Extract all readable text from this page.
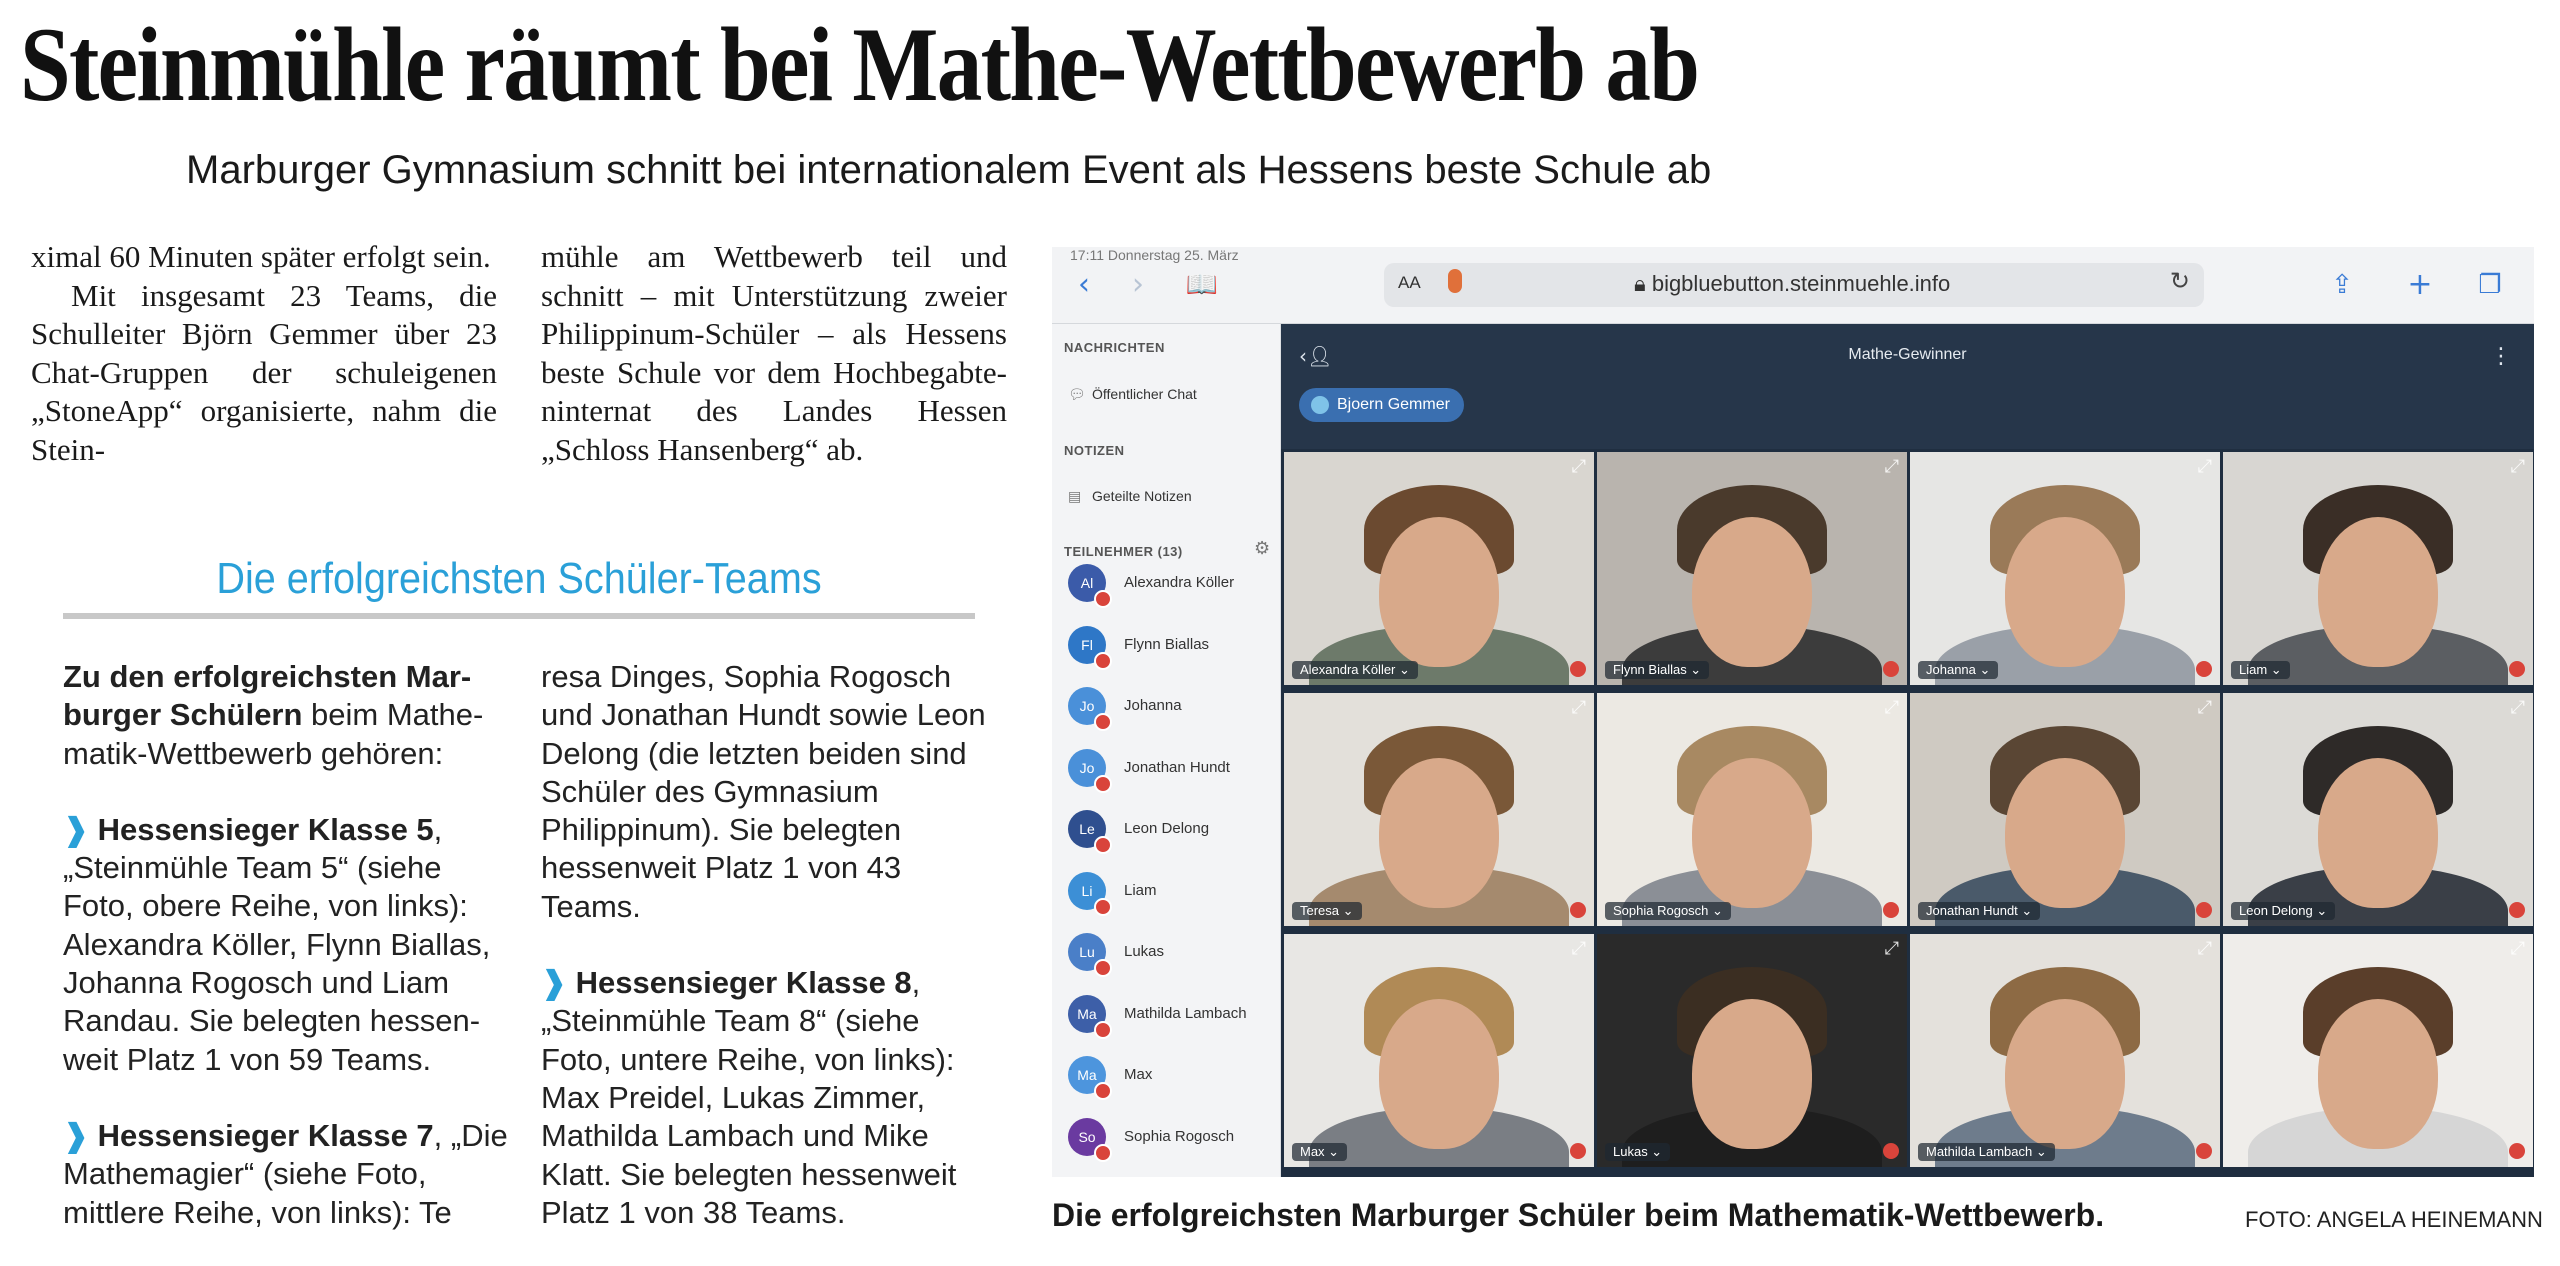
Steinmühle räumt bei Mathe-Wettbewerb ab
Marburger Gymnasium schnitt bei internationalem Event als Hessens beste Schule ab

ximal 60 Minuten später erfolgt sein.

Mit insgesamt 23 Teams, die Schulleiter Björn Gemmer über 23 Chat-Gruppen der schuleigenen „StoneApp“ organisierte, nahm die Stein-

mühle am Wettbewerb teil und schnitt – mit Unterstützung zweier Philippinum-Schüler – als Hessens beste Schule vor dem Hochbegabteninternat des Landes Hessen „Schloss Hansenberg“ ab.

Die erfolgreichsten Schüler-Teams

Zu den erfolgreichsten Marburger Schülern beim Mathematik-Wettbewerb gehören:

❱ Hessensieger Klasse 5, „Steinmühle Team 5“ (siehe Foto, obere Reihe, von links): Alexandra Köller, Flynn Biallas, Johanna Rogosch und Liam Randau. Sie belegten hessenweit Platz 1 von 59 Teams.

❱ Hessensieger Klasse 7, „Die Mathemagier“ (siehe Foto, mittlere Reihe, von links): Te

resa Dinges, Sophia Rogosch und Jonathan Hundt sowie Leon Delong (die letzten beiden sind Schüler des Gymnasium Philippinum). Sie belegten hessenweit Platz 1 von 43 Teams.

❱ Hessensieger Klasse 8, „Steinmühle Team 8“ (siehe Foto, untere Reihe, von links): Max Preidel, Lukas Zimmer, Mathilda Lambach und Mike Klatt. Sie belegten hessenweit Platz 1 von 38 Teams.

17:11 Donnerstag 25. März
‹	›	📖	AA	🔒︎ bigbluebutton.steinmuehle.info	↻	⇪	+	❐
NACHRICHTEN
💬︎ Öffentlicher Chat
NOTIZEN
▤ Geteilte Notizen
TEILNEHMER (13)	⚙
Al	Alexandra Köller
Fl	Flynn Biallas
Jo	Johanna
Jo	Jonathan Hundt
Le	Leon Delong
Li	Liam
Lu	Lukas
Ma	Mathilda Lambach
Ma	Max
So	Sophia Rogosch
‹👤︎	Mathe-Gewinner	⋮
Bjoern Gemmer
⤢
Alexandra Köller ⌄
⤢
Flynn Biallas ⌄
⤢
Johanna ⌄
⤢
Liam ⌄
⤢
Teresa ⌄
⤢
Sophia Rogosch ⌄
⤢
Jonathan Hundt ⌄
⤢
Leon Delong ⌄
⤢
Max ⌄
⤢
Lukas ⌄
⤢
Mathilda Lambach ⌄
⤢
Die erfolgreichsten Marburger Schüler beim Mathematik-Wettbewerb.	FOTO: ANGELA HEINEMANN
